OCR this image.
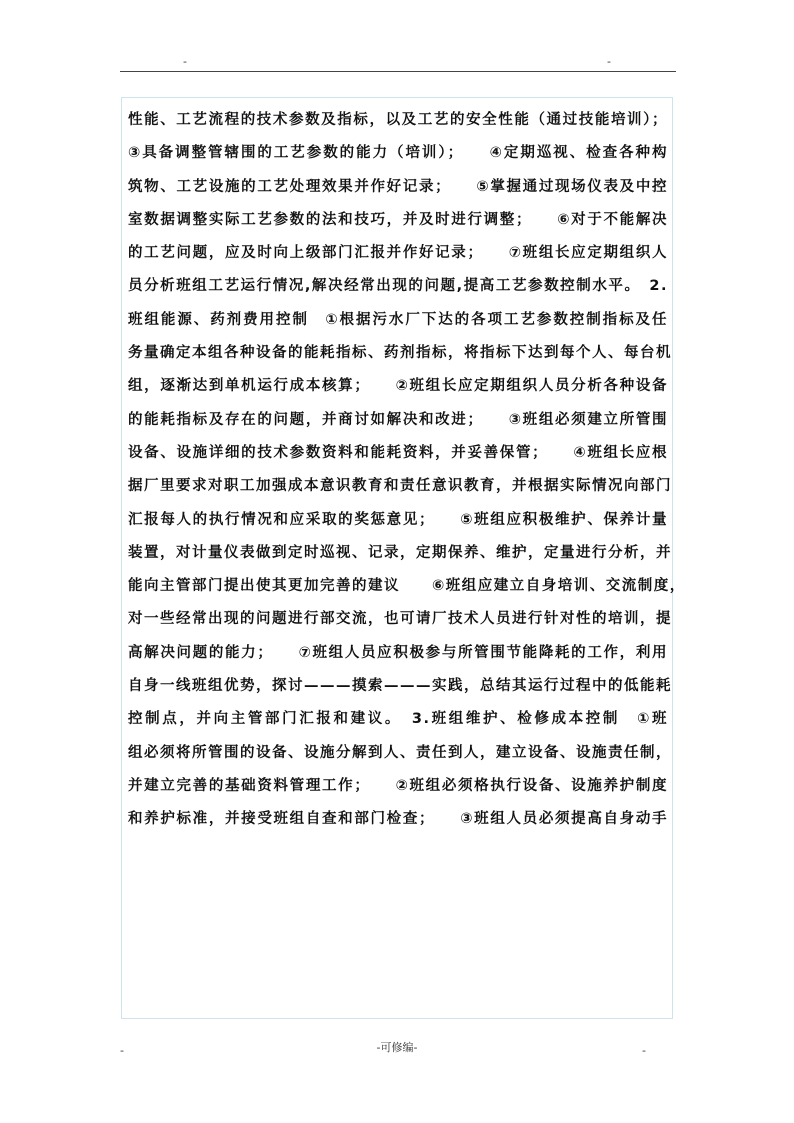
-	-
性能、工艺流程的技术参数及指标，以及工艺的安全性能（通过技能培训）；
③具备调整管辖围的工艺参数的能力（培训）；　　④定期巡视、检查各种构
筑物、工艺设施的工艺处理效果并作好记录；　　⑤掌握通过现场仪表及中控
室数据调整实际工艺参数的法和技巧，并及时进行调整；　　⑥对于不能解决
的工艺问题，应及时向上级部门汇报并作好记录；　　⑦班组长应定期组织人
员分析班组工艺运行情况,解决经常出现的问题,提高工艺参数控制水平。　2.
班组能源、药剂费用控制　①根据污水厂下达的各项工艺参数控制指标及任
务量确定本组各种设备的能耗指标、药剂指标，将指标下达到每个人、每台机
组，逐渐达到单机运行成本核算；　　②班组长应定期组织人员分析各种设备
的能耗指标及存在的问题，并商讨如解决和改进；　　③班组必须建立所管围
设备、设施详细的技术参数资料和能耗资料，并妥善保管；　　④班组长应根
据厂里要求对职工加强成本意识教育和责任意识教育，并根据实际情况向部门
汇报每人的执行情况和应采取的奖惩意见；　　⑤班组应积极维护、保养计量
装置，对计量仪表做到定时巡视、记录，定期保养、维护，定量进行分析，并
能向主管部门提出使其更加完善的建议　　⑥班组应建立自身培训、交流制度，
对一些经常出现的问题进行部交流，也可请厂技术人员进行针对性的培训，提
高解决问题的能力；　　⑦班组人员应积极参与所管围节能降耗的工作，利用
自身一线班组优势，探讨———摸索———实践，总结其运行过程中的低能耗
控制点，并向主管部门汇报和建议。　3.班组维护、检修成本控制　①班
组必须将所管围的设备、设施分解到人、责任到人，建立设备、设施责任制，
并建立完善的基础资料管理工作；　　②班组必须格执行设备、设施养护制度
和养护标准，并接受班组自查和部门检查；　　③班组人员必须提高自身动手
-	-可修编-	-
